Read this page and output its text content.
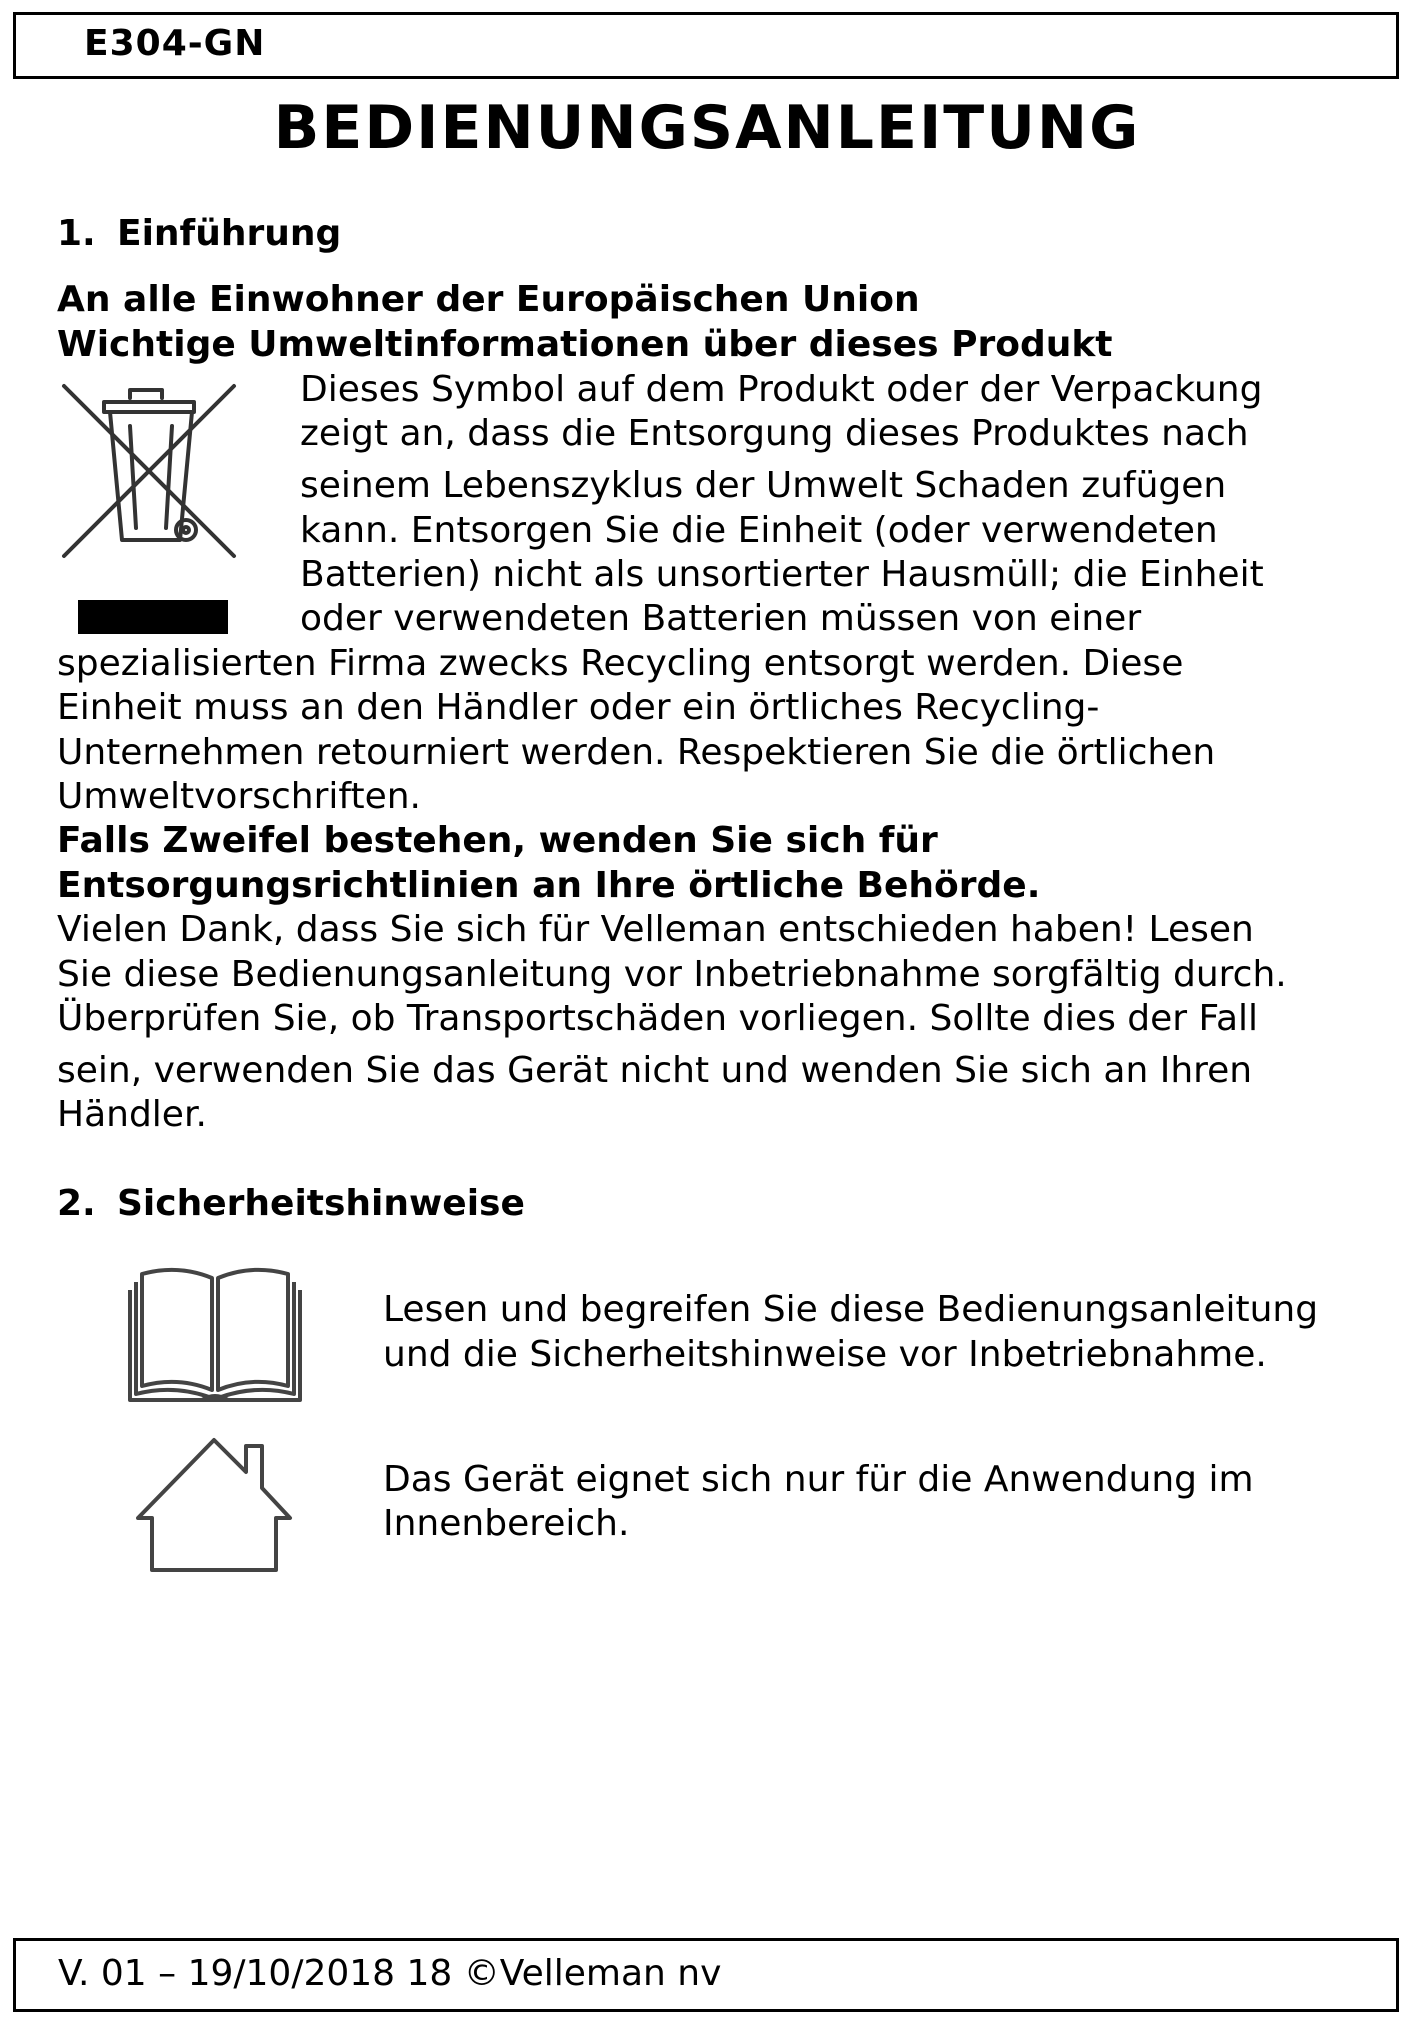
E304-GN
BEDIENUNGSANLEITUNG
1. Einführung
An alle Einwohner der Europäischen Union
Wichtige Umweltinformationen über dieses Produkt
Dieses Symbol auf dem Produkt oder der Verpackung
zeigt an, dass die Entsorgung dieses Produktes nach
seinem Lebenszyklus der Umwelt Schaden zufügen
kann. Entsorgen Sie die Einheit (oder verwendeten
Batterien) nicht als unsortierter Hausmüll; die Einheit
oder verwendeten Batterien müssen von einer
spezialisierten Firma zwecks Recycling entsorgt werden. Diese
Einheit muss an den Händler oder ein örtliches Recycling-
Unternehmen retourniert werden. Respektieren Sie die örtlichen
Umweltvorschriften.
Falls Zweifel bestehen, wenden Sie sich für
Entsorgungsrichtlinien an Ihre örtliche Behörde.
Vielen Dank, dass Sie sich für Velleman entschieden haben! Lesen
Sie diese Bedienungsanleitung vor Inbetriebnahme sorgfältig durch.
Überprüfen Sie, ob Transportschäden vorliegen. Sollte dies der Fall
sein, verwenden Sie das Gerät nicht und wenden Sie sich an Ihren
Händler.
2. Sicherheitshinweise
Lesen und begreifen Sie diese Bedienungsanleitung
und die Sicherheitshinweise vor Inbetriebnahme.
Das Gerät eignet sich nur für die Anwendung im
Innenbereich.
V. 01 – 19/10/2018 18 ©Velleman nv
